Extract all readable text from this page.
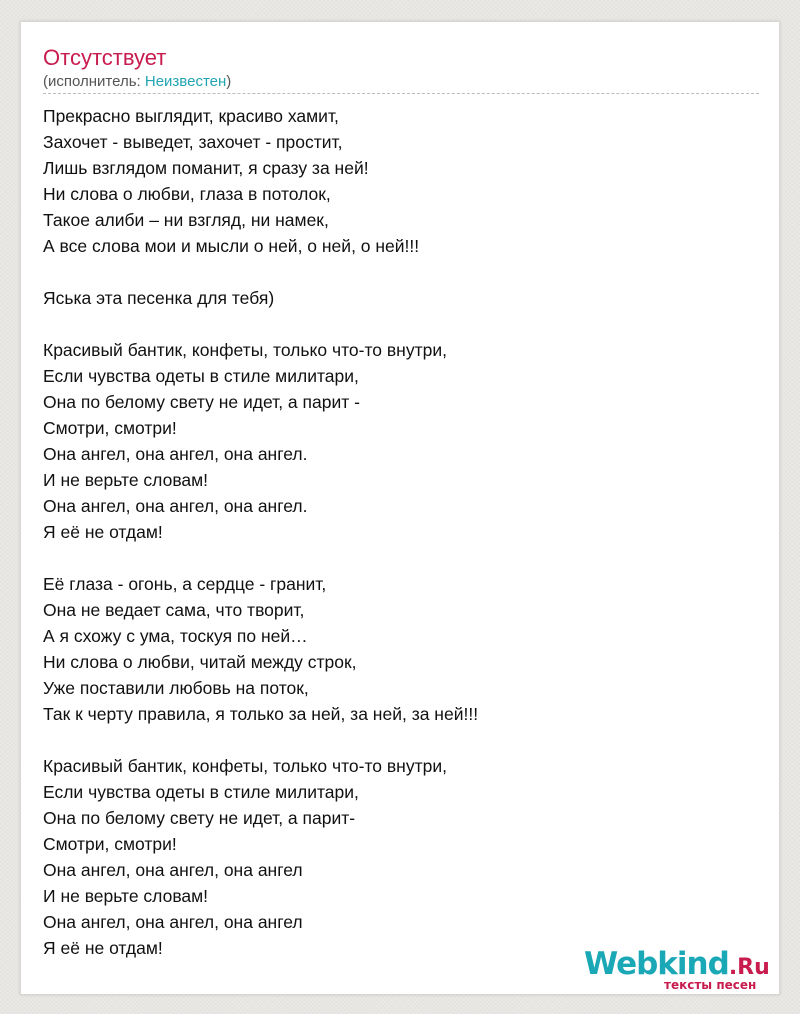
Отсутствует
(исполнитель: Неизвестен)
Прекрасно выглядит, красиво хамит,
Захочет - выведет, захочет - простит,
Лишь взглядом поманит, я сразу за ней!
Ни слова о любви, глаза в потолок,
Такое алиби – ни взгляд, ни намек,
А все слова мои и мысли о ней, о ней, о ней!!!

Яська эта песенка для тебя)

Красивый бантик, конфеты, только что-то внутри,
Если чувства одеты в стиле милитари,
Она по белому свету не идет, а парит -
Смотри, смотри!
Она ангел, она ангел, она ангел.
И не верьте словам!
Она ангел, она ангел, она ангел.
Я её не отдам!

Её глаза - огонь, а сердце - гранит,
Она не ведает сама, что творит,
А я схожу с ума, тоскуя по ней…
Ни слова о любви, читай между строк,
Уже поставили любовь на поток,
Так к черту правила, я только за ней, за ней, за ней!!!

Красивый бантик, конфеты, только что-то внутри,
Если чувства одеты в стиле милитари,
Она по белому свету не идет, а парит-
Смотри, смотри!
Она ангел, она ангел, она ангел
И не верьте словам!
Она ангел, она ангел, она ангел
Я её не отдам!	Webkind.Ru
тексты песен
